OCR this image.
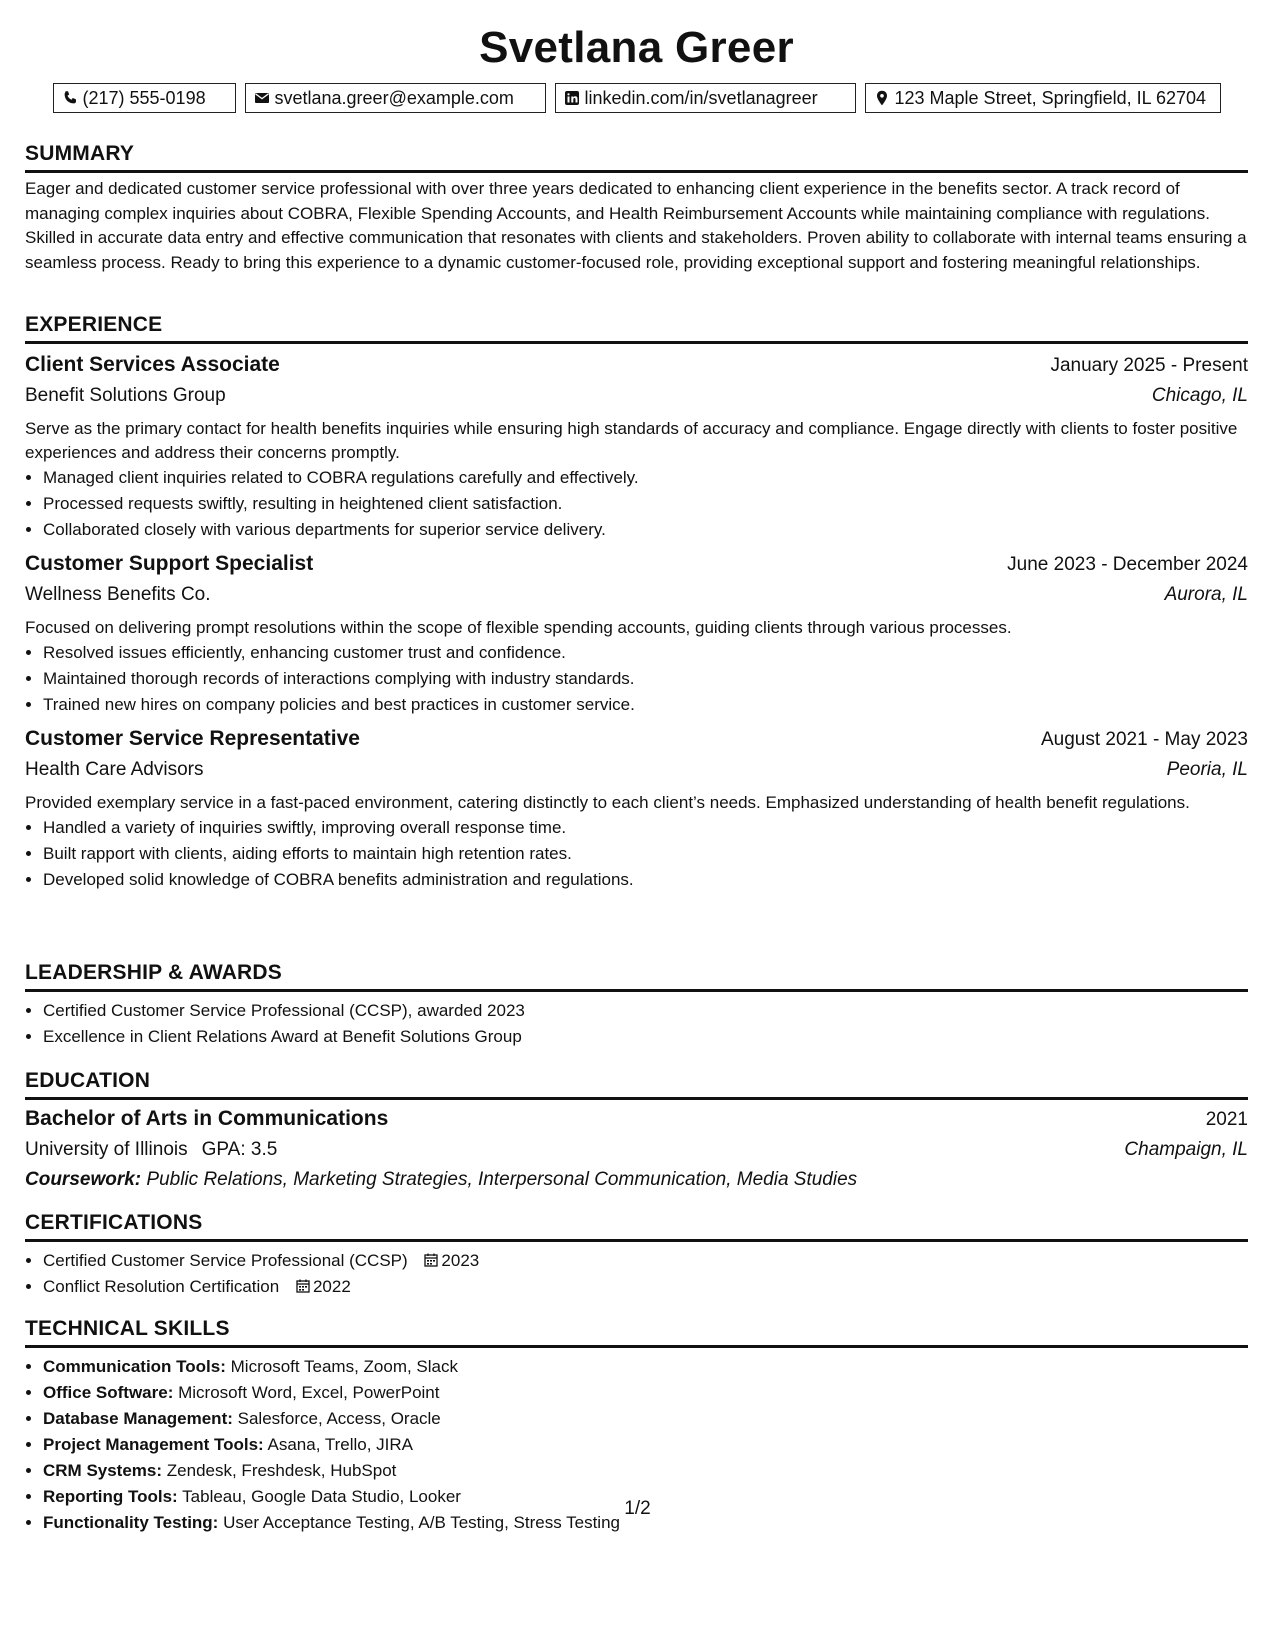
Svetlana Greer
(217) 555-0198	svetlana.greer@example.com	linkedin.com/in/svetlanagreer	123 Maple Street, Springfield, IL 62704
SUMMARY
Eager and dedicated customer service professional with over three years dedicated to enhancing client experience in the benefits sector. A track record of managing complex inquiries about COBRA, Flexible Spending Accounts, and Health Reimbursement Accounts while maintaining compliance with regulations. Skilled in accurate data entry and effective communication that resonates with clients and stakeholders. Proven ability to collaborate with internal teams ensuring a seamless process. Ready to bring this experience to a dynamic customer-focused role, providing exceptional support and fostering meaningful relationships.
EXPERIENCE
Client Services Associate	January 2025 - Present
Benefit Solutions Group	Chicago, IL
Serve as the primary contact for health benefits inquiries while ensuring high standards of accuracy and compliance. Engage directly with clients to foster positive experiences and address their concerns promptly.
• Managed client inquiries related to COBRA regulations carefully and effectively.
• Processed requests swiftly, resulting in heightened client satisfaction.
• Collaborated closely with various departments for superior service delivery.
Customer Support Specialist	June 2023 - December 2024
Wellness Benefits Co.	Aurora, IL
Focused on delivering prompt resolutions within the scope of flexible spending accounts, guiding clients through various processes.
• Resolved issues efficiently, enhancing customer trust and confidence.
• Maintained thorough records of interactions complying with industry standards.
• Trained new hires on company policies and best practices in customer service.
Customer Service Representative	August 2021 - May 2023
Health Care Advisors	Peoria, IL
Provided exemplary service in a fast-paced environment, catering distinctly to each client’s needs. Emphasized understanding of health benefit regulations.
• Handled a variety of inquiries swiftly, improving overall response time.
• Built rapport with clients, aiding efforts to maintain high retention rates.
• Developed solid knowledge of COBRA benefits administration and regulations.
LEADERSHIP & AWARDS
• Certified Customer Service Professional (CCSP), awarded 2023
• Excellence in Client Relations Award at Benefit Solutions Group
EDUCATION
Bachelor of Arts in Communications	2021
University of Illinois GPA: 3.5	Champaign, IL
Coursework: Public Relations, Marketing Strategies, Interpersonal Communication, Media Studies
CERTIFICATIONS
• Certified Customer Service Professional (CCSP) 2023
• Conflict Resolution Certification 2022
TECHNICAL SKILLS
• Communication Tools: Microsoft Teams, Zoom, Slack
• Office Software: Microsoft Word, Excel, PowerPoint
• Database Management: Salesforce, Access, Oracle
• Project Management Tools: Asana, Trello, JIRA
• CRM Systems: Zendesk, Freshdesk, HubSpot
• Reporting Tools: Tableau, Google Data Studio, Looker
• Functionality Testing: User Acceptance Testing, A/B Testing, Stress Testing
1/2
